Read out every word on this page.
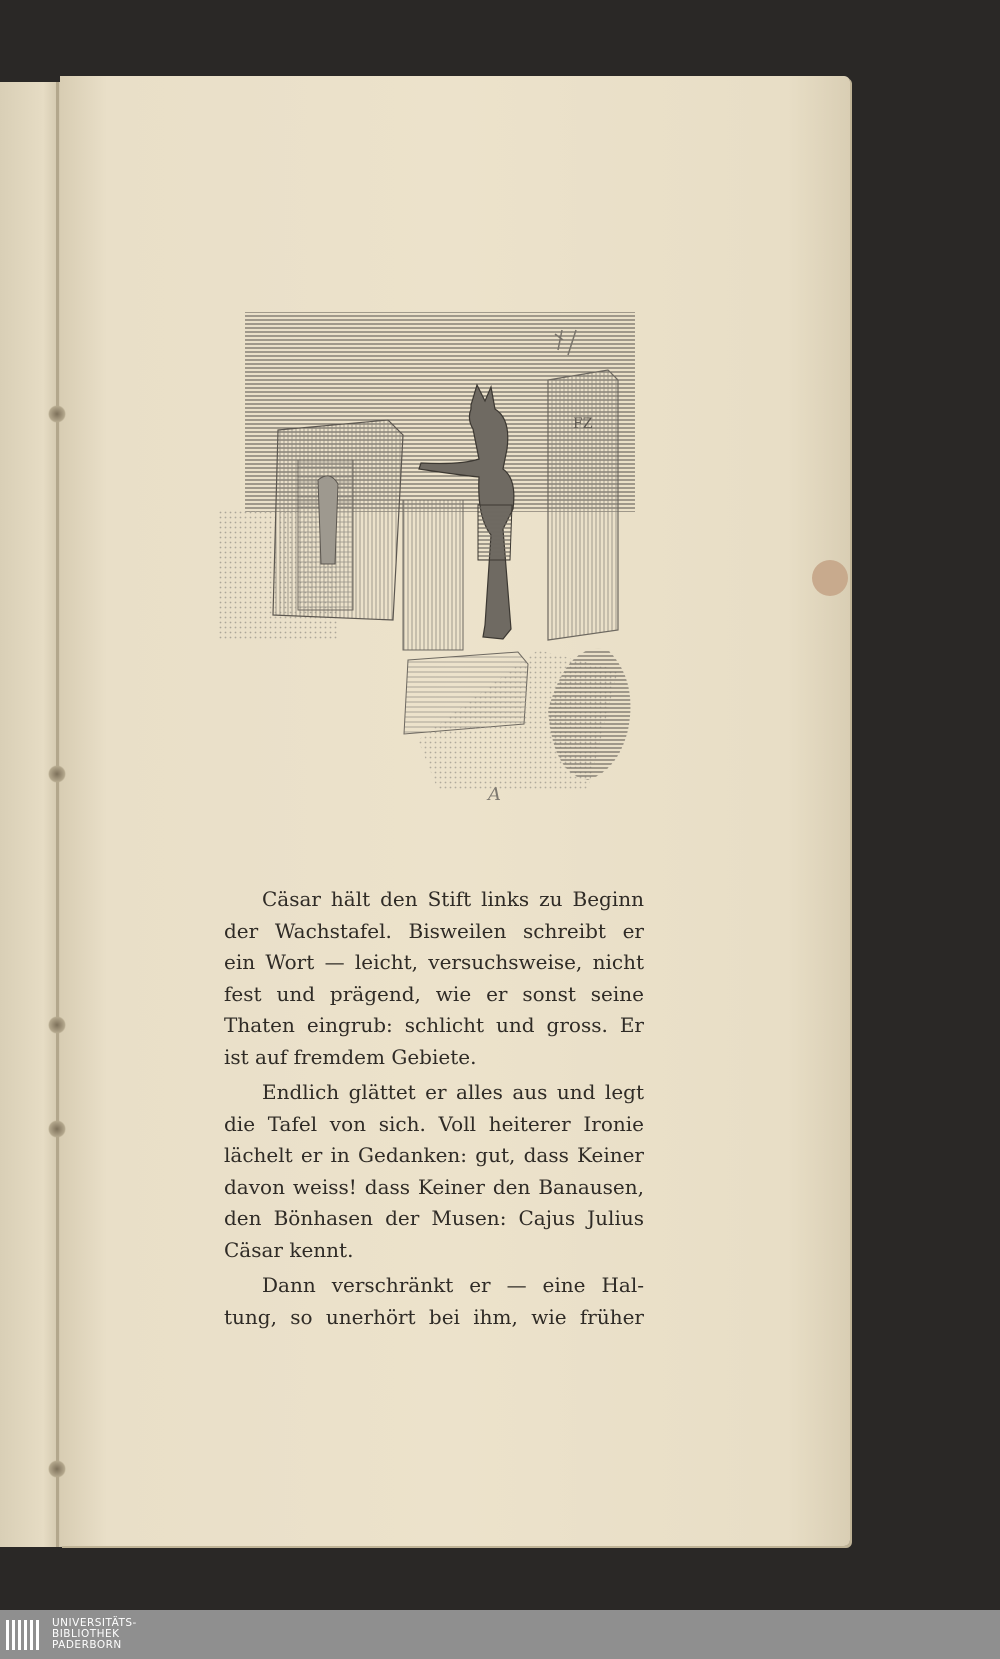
FZ
A

Cäsar hält den Stift links zu Beginn
der Wachstafel. Bisweilen schreibt er
ein Wort — leicht, versuchsweise, nicht
fest und prägend, wie er sonst seine
Thaten eingrub: schlicht und gross. Er
ist auf fremdem Gebiete.

Endlich glättet er alles aus und legt
die Tafel von sich. Voll heiterer Ironie
lächelt er in Gedanken: gut, dass Keiner
davon weiss! dass Keiner den Banausen,
den Bönhasen der Musen: Cajus Julius
Cäsar kennt.

Dann verschränkt er — eine Hal-
tung, so unerhört bei ihm, wie früher

UNIVERSITÄTS-
BIBLIOTHEK
PADERBORN
